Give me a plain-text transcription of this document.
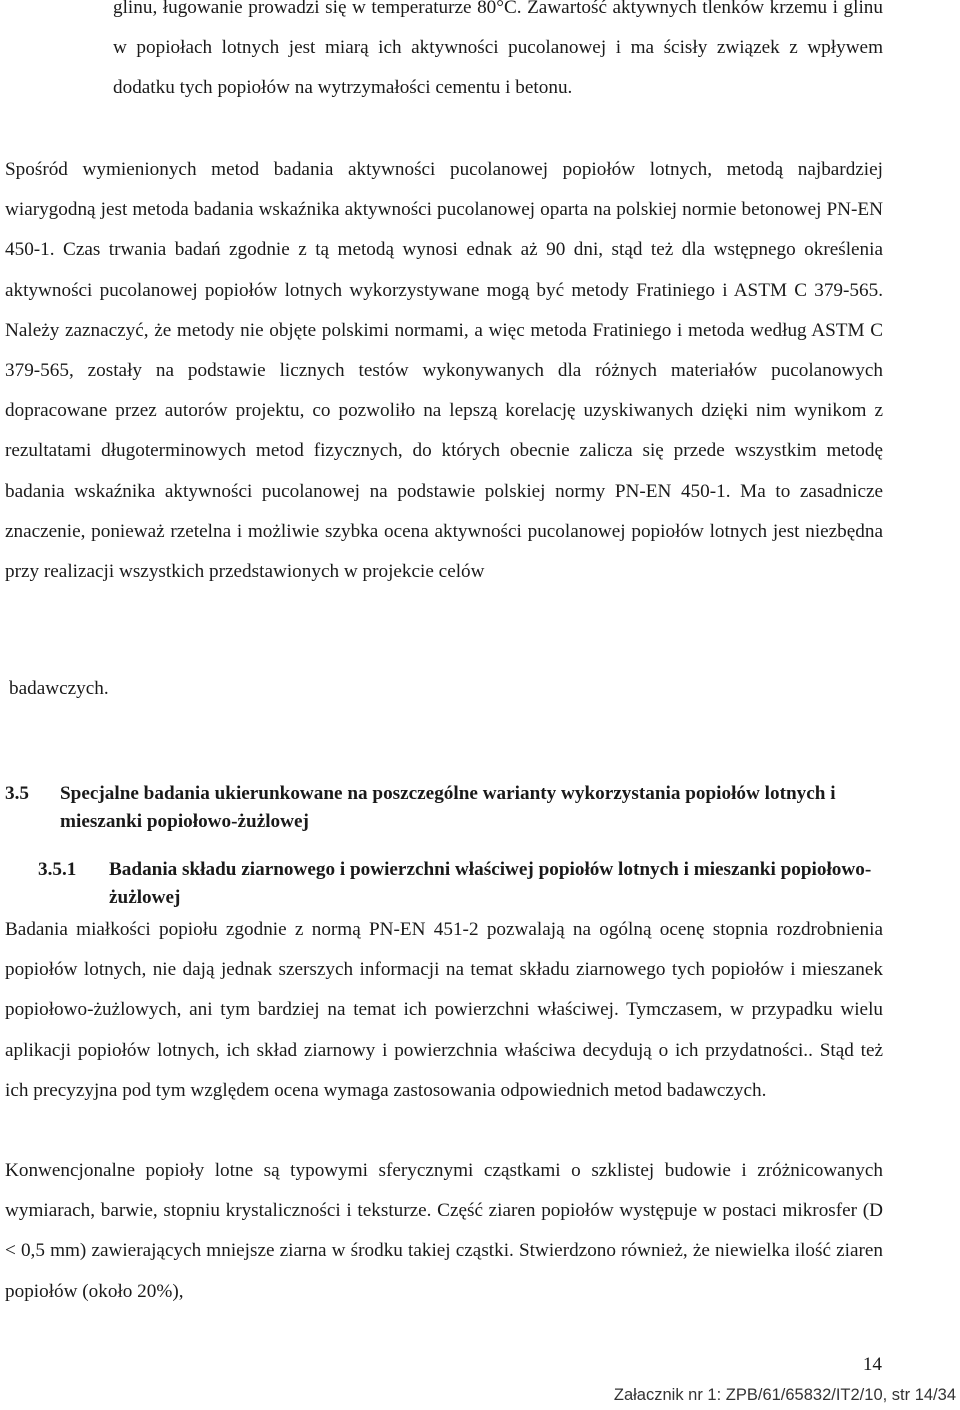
glinu, ługowanie prowadzi się w temperaturze 80°C. Zawartość aktywnych tlenków krzemu i glinu w popiołach lotnych jest miarą ich aktywności pucolanowej i ma ścisły związek z wpływem dodatku tych popiołów na wytrzymałości cementu i betonu.

Spośród wymienionych metod badania aktywności pucolanowej popiołów lotnych, metodą najbardziej wiarygodną jest metoda badania wskaźnika aktywności pucolanowej oparta na polskiej normie betonowej PN-EN 450-1. Czas trwania badań zgodnie z tą metodą wynosi ednak aż 90 dni, stąd też dla wstępnego określenia aktywności pucolanowej popiołów lotnych wykorzystywane mogą być metody Fratiniego i ASTM C 379-565. Należy zaznaczyć, że metody nie objęte polskimi normami, a więc metoda Fratiniego i metoda według ASTM C 379-565, zostały na podstawie licznych testów wykonywanych dla różnych materiałów pucolanowych dopracowane przez autorów projektu, co pozwoliło na lepszą korelację uzyskiwanych dzięki nim wynikom z rezultatami długoterminowych metod fizycznych, do których obecnie zalicza się przede wszystkim metodę badania wskaźnika aktywności pucolanowej na podstawie polskiej normy PN-EN 450-1. Ma to zasadnicze znaczenie, ponieważ rzetelna i możliwie szybka ocena aktywności pucolanowej popiołów lotnych jest niezbędna przy realizacji wszystkich przedstawionych w projekcie celów

badawczych.

3.5	Specjalne badania ukierunkowane na poszczególne warianty wykorzystania popiołów lotnych i mieszanki popiołowo-żużlowej
3.5.1	Badania składu ziarnowego i powierzchni właściwej popiołów lotnych i mieszanki popiołowo-żużlowej

Badania miałkości popiołu zgodnie z normą PN-EN 451-2 pozwalają na ogólną ocenę stopnia rozdrobnienia popiołów lotnych, nie dają jednak szerszych informacji na temat składu ziarnowego tych popiołów i mieszanek popiołowo-żużlowych, ani tym bardziej na temat ich powierzchni właściwej. Tymczasem, w przypadku wielu aplikacji popiołów lotnych, ich skład ziarnowy i powierzchnia właściwa decydują o ich przydatności.. Stąd też ich precyzyjna pod tym względem ocena wymaga zastosowania odpowiednich metod badawczych.

Konwencjonalne popioły lotne są typowymi sferycznymi cząstkami o szklistej budowie i zróżnicowanych wymiarach, barwie, stopniu krystaliczności i teksturze. Część ziaren popiołów występuje w postaci mikrosfer (D < 0,5 mm) zawierających mniejsze ziarna w środku takiej cząstki. Stwierdzono również, że niewielka ilość ziaren popiołów (około 20%),

14

Załacznik nr 1: ZPB/61/65832/IT2/10, str 14/34
